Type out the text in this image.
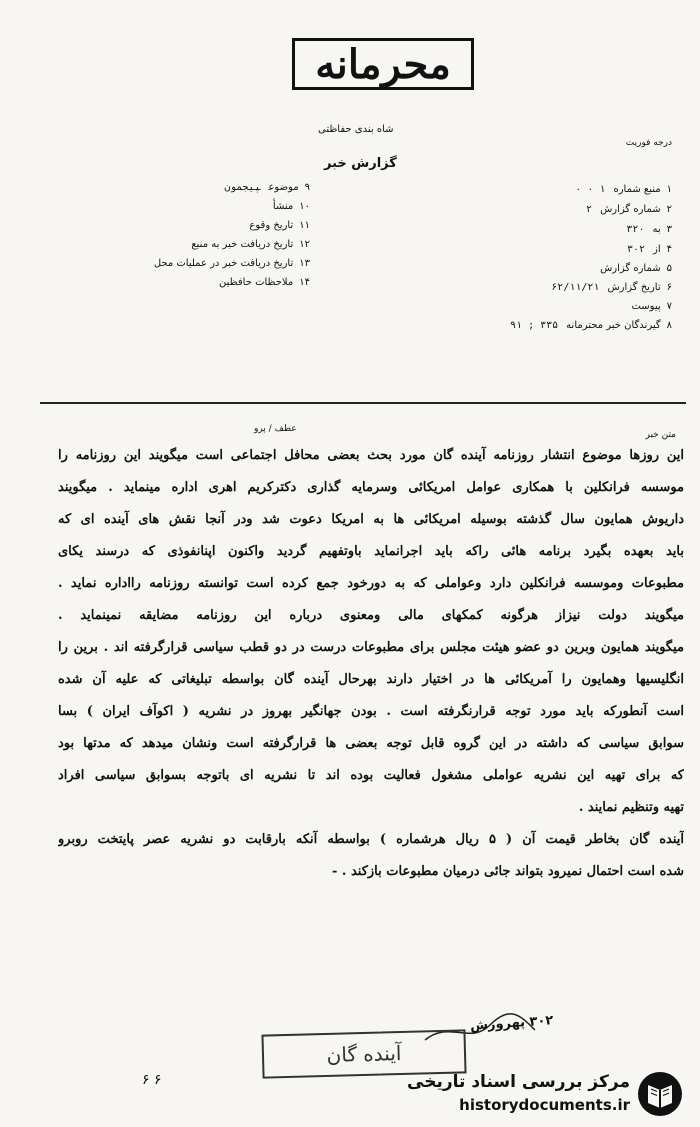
محرمانه
شاه بندی حفاظتی
گزارش خبر
درجه فوریت
۱منبع شماره۱ ۰ ۰
۲شماره گزارش۲
۳به۳۲۰
۴از۳۰۲
۵شماره گزارش
۶تاریخ گزارش۶۲/۱۱/۲۱
۷پیوست
۸گیرندگان خبر محترمانه۳۳۵ ; ۹۱
۹موضوعپیجمون
۱۰منشأ
۱۱تاریخ وقوع
۱۲تاریخ دریافت خبر به منبع
۱۳تاریخ دریافت خبر در عملیات محل
۱۴ملاحظات حافظین
متن خبر
عطف / پرو
این روزها موضوع انتشار روزنامه آینده گان مورد بحث بعضی محافل اجتماعی است میگویند این روزنامه را
موسسه فرانکلین با همکاری عوامل امریکائی وسرمایه گذاری دکترکریم اهری اداره مینماید . میگویند
داریوش همایون سال گذشته بوسیله امریکائی ها به امریکا دعوت شد ودر آنجا نقش های آینده ای که
باید بعهده بگیرد برنامه هائی راکه باید اجرانماید باوتفهیم گردید واکنون اپنانفوذی که درسند یکای
مطبوعات وموسسه فرانکلین دارد وعواملی که به دورخود جمع کرده است توانسته روزنامه رااداره نماید .
میگویند دولت نیزاز هرگونه کمکهای مالی ومعنوی درباره این روزنامه مضایقه نمینماید .
میگویند همایون وبرین دو عضو هیئت مجلس برای مطبوعات درست در دو قطب سیاسی قرارگرفته اند . برین را
انگلیسیها وهمایون را آمریکائی ها در اختیار دارند بهرحال آینده گان بواسطه تبلیغاتی که علیه آن شده
است آنطورکه باید مورد توجه قرارنگرفته است . بودن جهانگیر بهروز در نشریه ( اکوآف ایران ) بسا
سوابق سیاسی که داشته در این گروه قابل توجه بعضی ها قرارگرفته است ونشان میدهد که مدتها بود
که برای تهیه این نشریه عواملی مشغول فعالیت بوده اند تا نشریه ای باتوجه بسوابق سیاسی افراد
تهیه وتنظیم نمایند .
آینده گان بخاطر قیمت آن ( ۵ ریال هرشماره ) بواسطه آنکه بارقابت دو نشریه عصر پایتخت روبرو
شده است احتمال نمیرود بتواند جائی درمیان مطبوعات بازکند . -
۳۰۲ پهرورش
آینده گان
۶ ۶	مرکز بررسی اسناد تاریخی
historydocuments.ir
